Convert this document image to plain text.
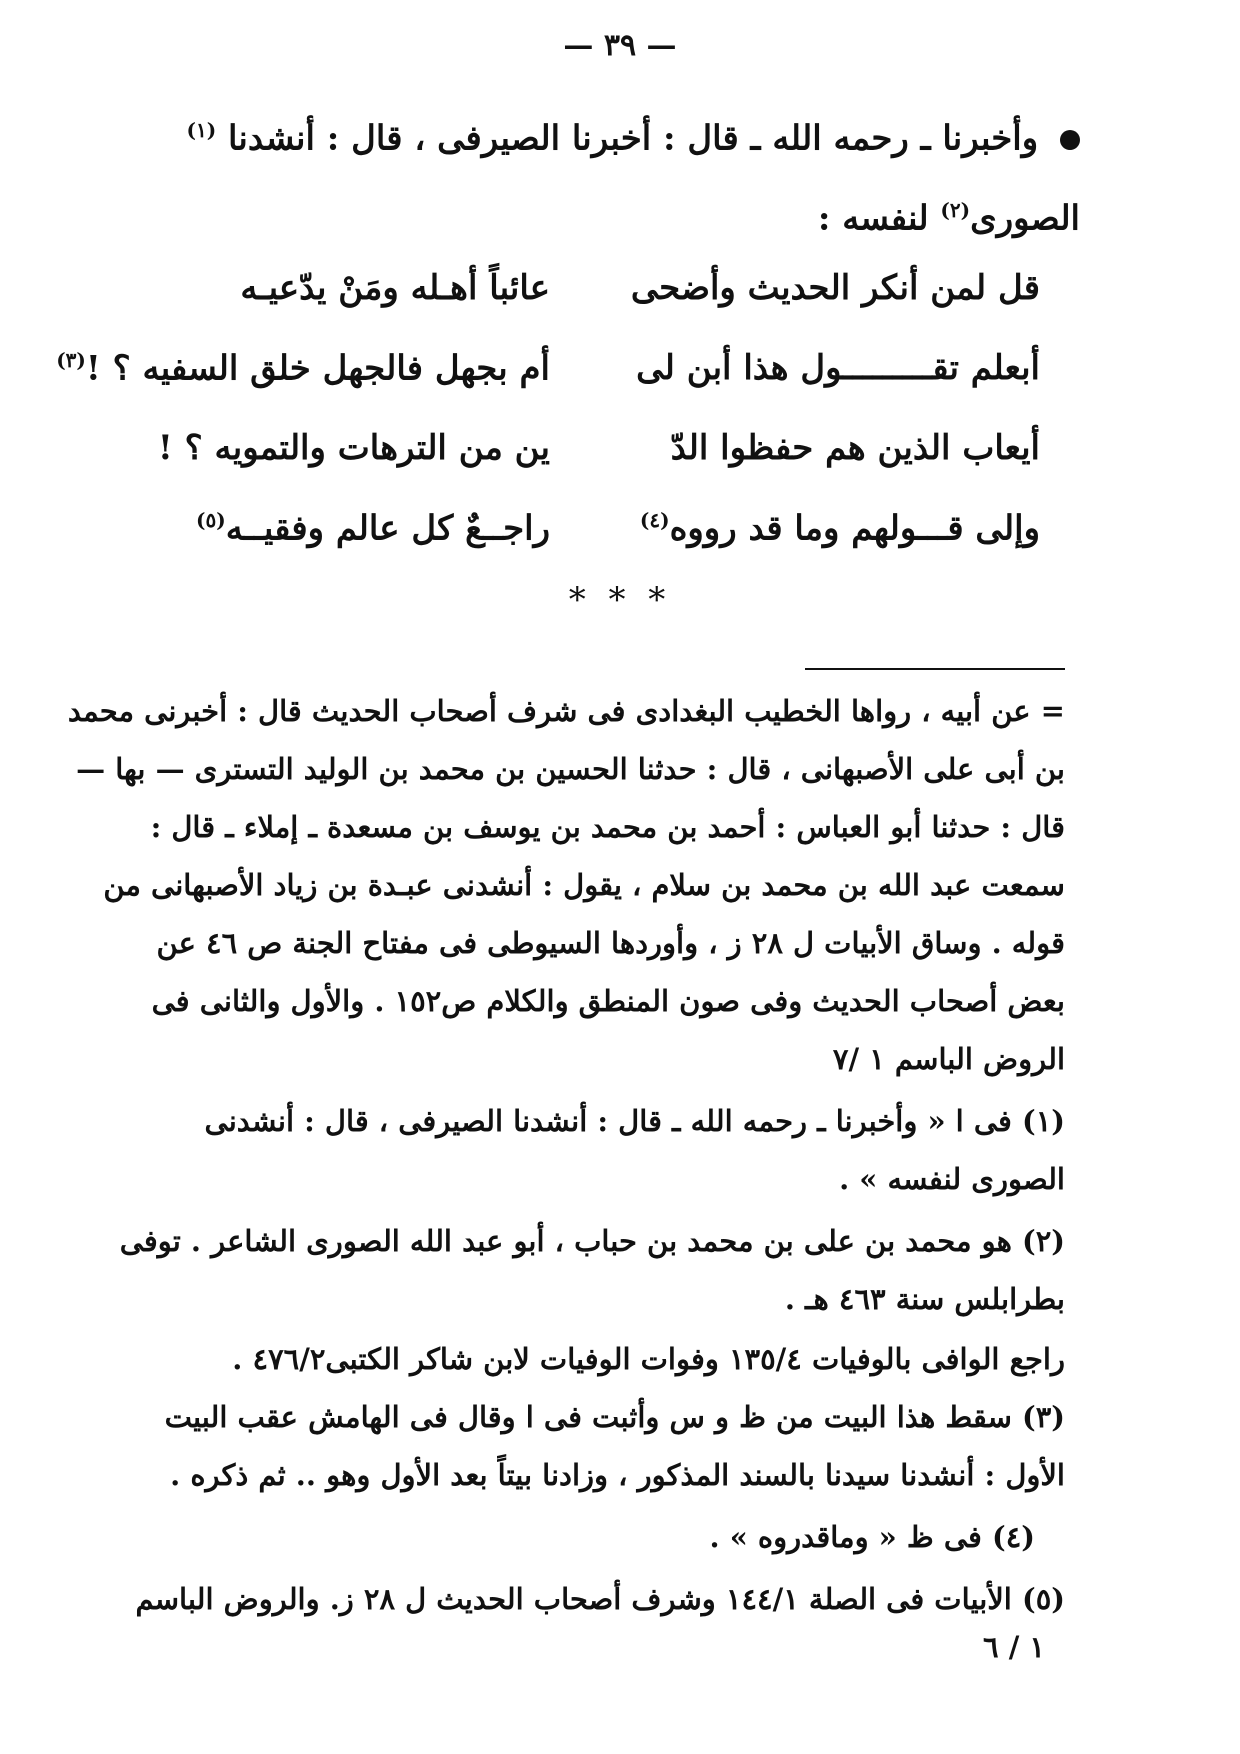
— ٣٩ —
وأخبرنا ـ رحمه الله ـ قال : أخبرنا الصيرفى ، قال : أنشدنا $^{(١)}$
الصورى$^{(٢)}$ لنفسه :
قل لمن أنكر الحديث وأضحى
عائباً أهـله ومَنْ يدّعيـه
أبعلم تقـــــــــول هذا أبن لى
أم بجهل فالجهل خلق السفيه ؟ !$^{(٣)}$
أيعاب الذين هم حفظوا الدّ
ين من الترهات والتمويه ؟ !
وإلى قـــولهم وما قد رووه$^{(٤)}$
راجــعٌ كل عالم وفقيــه$^{(٥)}$
* * *
= عن أبيه ، رواها الخطيب البغدادى فى شرف أصحاب الحديث قال : أخبرنى محمد
بن أبى على الأصبهانى ، قال : حدثنا الحسين بن محمد بن الوليد التسترى — بها —
قال : حدثنا أبو العباس : أحمد بن محمد بن يوسف بن مسعدة ـ إملاء ـ قال :
سمعت عبد الله بن محمد بن سلام ، يقول : أنشدنى عبـدة بن زياد الأصبهانى من
قوله . وساق الأبيات ل ٢٨ ز ، وأوردها السيوطى فى مفتاح الجنة ص ٤٦ عن
بعض أصحاب الحديث وفى صون المنطق والكلام ص١٥٢ . والأول والثانى فى
الروض الباسم ١ /٧
(١) فى ا « وأخبرنا ـ رحمه الله ـ قال : أنشدنا الصيرفى ، قال : أنشدنى
الصورى لنفسه » .
(٢) هو محمد بن على بن محمد بن حباب ، أبو عبد الله الصورى الشاعر . توفى
بطرابلس سنة ٤٦٣ هـ .
راجع الوافى بالوفيات ١٣٥/٤ وفوات الوفيات لابن شاكر الكتبى٤٧٦/٢ .
(٣) سقط هذا البيت من ظ و س وأثبت فى ا وقال فى الهامش عقب البيت
الأول : أنشدنا سيدنا بالسند المذكور ، وزادنا بيتاً بعد الأول وهو .. ثم ذكره .
(٤) فى ظ « وماقدروه » .
(٥) الأبيات فى الصلة ١٤٤/١ وشرف أصحاب الحديث ل ٢٨ ز. والروض الباسم
١ / ٦
